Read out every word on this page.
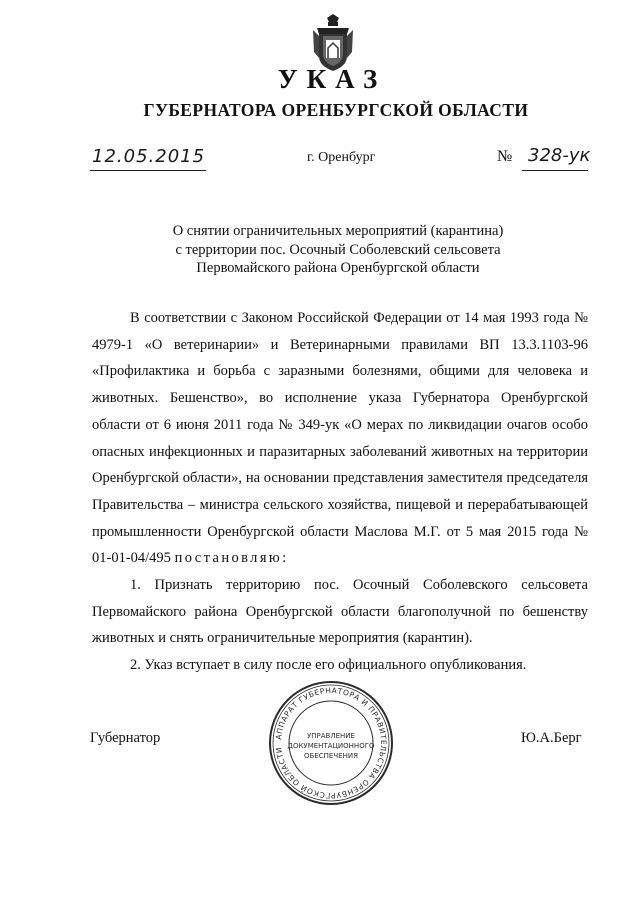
УКАЗ
ГУБЕРНАТОРА ОРЕНБУРГСКОЙ ОБЛАСТИ
12.05.2015	г. Оренбург	№ 328-ук
О снятии ограничительных мероприятий (карантина)
с территории пос. Осочный Соболевский сельсовета
Первомайского района Оренбургской области

В соответствии с Законом Российской Федерации от 14 мая 1993 года № 4979-1 «О ветеринарии» и Ветеринарными правилами ВП 13.3.1103-96 «Профилактика и борьба с заразными болезнями, общими для человека и животных. Бешенство», во исполнение указа Губернатора Оренбургской области от 6 июня 2011 года № 349-ук «О мерах по ликвидации очагов особо опасных инфекционных и паразитарных заболеваний животных на территории Оренбургской области», на основании представления заместителя председателя Правительства – министра сельского хозяйства, пищевой и перерабатывающей промышленности Оренбургской области Маслова М.Г. от 5 мая 2015 года № 01-01-04/495 постановляю:

1. Признать территорию пос. Осочный Соболевского сельсовета Первомайского района Оренбургской области благополучной по бешенству животных и снять ограничительные мероприятия (карантин).

2. Указ вступает в силу после его официального опубликования.

Губернатор	Ю.А.Берг
АППАРАТ ГУБЕРНАТОРА И ПРАВИТЕЛЬСТВА ОРЕНБУРГСКОЙ ОБЛАСТИ
УПРАВЛЕНИЕ
ДОКУМЕНТАЦИОННОГО
ОБЕСПЕЧЕНИЯ
